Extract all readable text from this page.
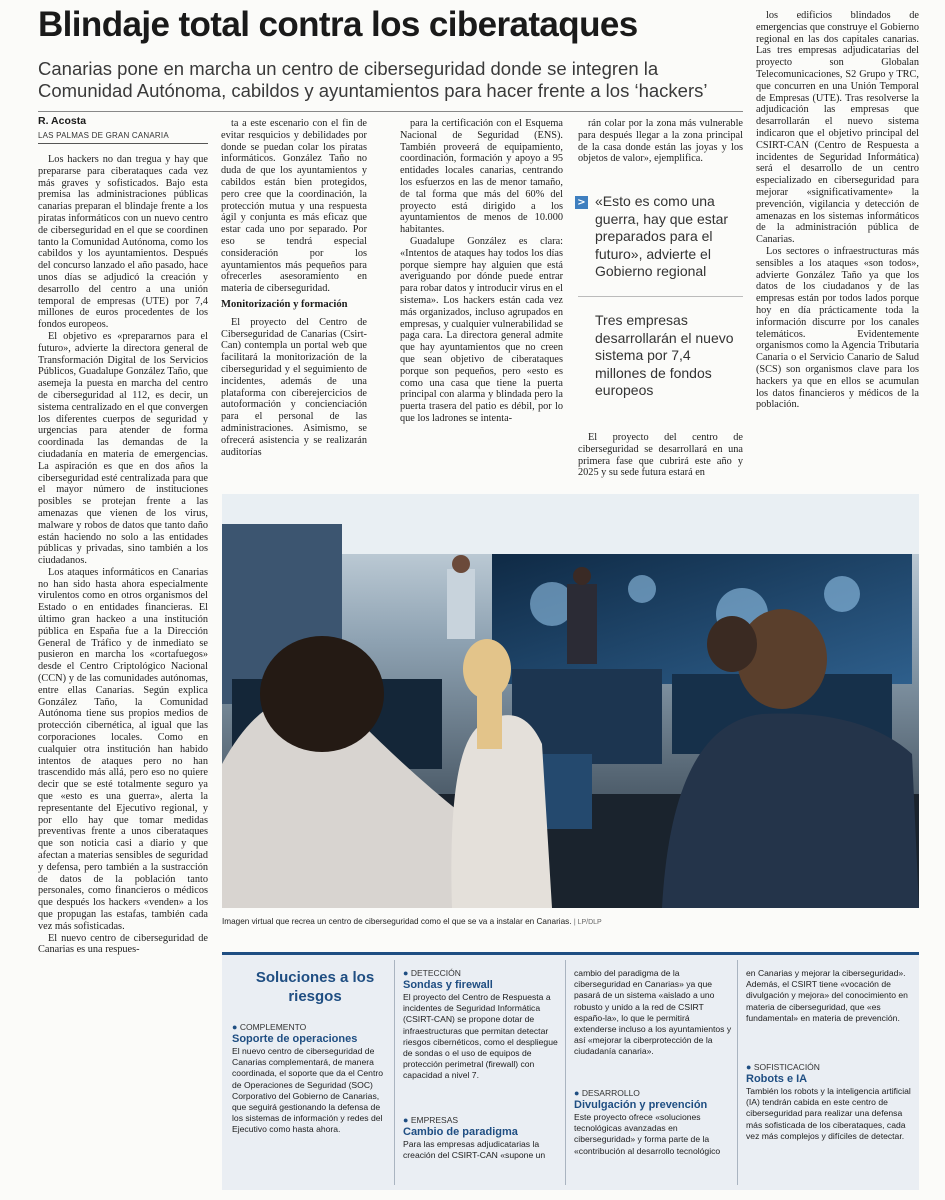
Blindaje total contra los ciberataques
Canarias pone en marcha un centro de ciberseguridad donde se integren la Comunidad Autónoma, cabildos y ayuntamientos para hacer frente a los ‘hackers’
R. Acosta
LAS PALMAS DE GRAN CANARIA

Los hackers no dan tregua y hay que prepararse para ciberataques cada vez más graves y sofisticados. Bajo esta premisa las administraciones públicas canarias preparan el blindaje frente a los piratas informáticos con un nuevo centro de ciberseguridad en el que se coordinen tanto la Comunidad Autónoma, como los cabildos y los ayuntamientos. Después del concurso lanzado el año pasado, hace unos días se adjudicó la creación y desarrollo del centro a una unión temporal de empresas (UTE) por 7,4 millones de euros procedentes de los fondos europeos.

El objetivo es «prepararnos para el futuro», advierte la directora general de Transformación Digital de los Servicios Públicos, Guadalupe González Taño, que asemeja la puesta en marcha del centro de ciberseguridad al 112, es decir, un sistema centralizado en el que convergen los diferentes cuerpos de seguridad y urgencias para atender de forma coordinada las demandas de la ciudadanía en materia de emergencias. La aspiración es que en dos años la ciberseguridad esté centralizada para que el mayor número de instituciones posibles se protejan frente a las amenazas que vienen de los virus, malware y robos de datos que tanto daño están haciendo no solo a las entidades públicas y privadas, sino también a los ciudadanos.

Los ataques informáticos en Canarias no han sido hasta ahora especialmente virulentos como en otros organismos del Estado o en entidades financieras. El último gran hackeo a una institución pública en España fue a la Dirección General de Tráfico y de inmediato se pusieron en marcha los «cortafuegos» desde el Centro Criptológico Nacional (CCN) y de las comunidades autónomas, entre ellas Canarias. Según explica González Taño, la Comunidad Autónoma tiene sus propios medios de protección cibernética, al igual que las corporaciones locales. Como en cualquier otra institución han habido intentos de ataques pero no han trascendido más allá, pero eso no quiere decir que se esté totalmente seguro ya que «esto es una guerra», alerta la representante del Ejecutivo regional, y por ello hay que tomar medidas preventivas frente a unos ciberataques que son noticia casi a diario y que afectan a materias sensibles de seguridad y defensa, pero también a la sustracción de datos de la población tanto personales, como financieros o médicos que después los hackers «venden» a los que propugan las estafas, también cada vez más sofisticadas.

El nuevo centro de ciberseguridad de Canarias es una respues-

ta a este escenario con el fin de evitar resquicios y debilidades por donde se puedan colar los piratas informáticos. González Taño no duda de que los ayuntamientos y cabildos están bien protegidos, pero cree que la coordinación, la protección mutua y una respuesta ágil y conjunta es más eficaz que estar cada uno por separado. Por eso se tendrá especial consideración por los ayuntamientos más pequeños para ofrecerles asesoramiento en materia de ciberseguridad.

Monitorización y formación

El proyecto del Centro de Ciberseguridad de Canarias (Csirt-Can) contempla un portal web que facilitará la monitorización de la ciberseguridad y el seguimiento de incidentes, además de una plataforma con ciberejercicios de autoformación y concienciación para el personal de las administraciones. Asimismo, se ofrecerá asistencia y se realizarán auditorías

para la certificación con el Esquema Nacional de Seguridad (ENS). También proveerá de equipamiento, coordinación, formación y apoyo a 95 entidades locales canarias, centrando los esfuerzos en las de menor tamaño, de tal forma que más del 60% del proyecto está dirigido a los ayuntamientos de menos de 10.000 habitantes.

Guadalupe González es clara: «Intentos de ataques hay todos los días porque siempre hay alguien que está averiguando por dónde puede entrar para robar datos y introducir virus en el sistema». Los hackers están cada vez más organizados, incluso agrupados en empresas, y cualquier vulnerabilidad se paga cara. La directora general admite que hay ayuntamientos que no creen que sean objetivo de ciberataques porque son pequeños, pero «esto es como una casa que tiene la puerta principal con alarma y blindada pero la puerta trasera del patio es débil, por lo que los ladrones se intenta-

rán colar por la zona más vulnerable para después llegar a la zona principal de la casa donde están las joyas y los objetos de valor», ejemplifica.

> «Esto es como una guerra, hay que estar preparados para el futuro», advierte el Gobierno regional
Tres empresas desarrollarán el nuevo sistema por 7,4 millones de fondos europeos

El proyecto del centro de ciberseguridad se desarrollará en una primera fase que cubrirá este año y 2025 y su sede futura estará en

los edificios blindados de emergencias que construye el Gobierno regional en las dos capitales canarias. Las tres empresas adjudicatarias del proyecto son Globalan Telecomunicaciones, S2 Grupo y TRC, que concurren en una Unión Temporal de Empresas (UTE). Tras resolverse la adjudicación las empresas que desarrollarán el nuevo sistema indicaron que el objetivo principal del CSIRT-CAN (Centro de Respuesta a incidentes de Seguridad Informática) será el desarrollo de un centro especializado en ciberseguridad para mejorar «significativamente» la prevención, vigilancia y detección de amenazas en los sistemas informáticos de la administración pública de Canarias.

Los sectores o infraestructuras más sensibles a los ataques «son todos», advierte González Taño ya que los datos de los ciudadanos y de las empresas están por todos lados porque hoy en día prácticamente toda la información discurre por los canales telemáticos. Evidentemente organismos como la Agencia Tributaria Canaria o el Servicio Canario de Salud (SCS) son organismos clave para los hackers ya que en ellos se acumulan los datos financieros y médicos de la población.

Imagen virtual que recrea un centro de ciberseguridad como el que se va a instalar en Canarias. | LP/DLP
Soluciones a los riesgos
● COMPLEMENTO
Soporte de operaciones
El nuevo centro de ciberseguridad de Canarias complementará, de manera coordinada, el soporte que da el Centro de Operaciones de Seguridad (SOC) Corporativo del Gobierno de Canarias, que seguirá gestionando la defensa de los sistemas de información y redes del Ejecutivo como hasta ahora.
● DETECCIÓN
Sondas y firewall
El proyecto del Centro de Respuesta a incidentes de Seguridad Informática (CSIRT-CAN) se propone dotar de infraestructuras que permitan detectar riesgos cibernéticos, como el despliegue de sondas o el uso de equipos de protección perimetral (firewall) con capacidad a nivel 7.
● EMPRESAS
Cambio de paradigma
Para las empresas adjudicatarias la creación del CSIRT-CAN «supone un
cambio del paradigma de la ciberseguridad en Canarias» ya que pasará de un sistema «aislado a uno robusto y unido a la red de CSIRT españo-la», lo que le permitirá extenderse incluso a los ayuntamientos y así «mejorar la ciberprotección de la ciudadanía canaria».
● DESARROLLO
Divulgación y prevención
Este proyecto ofrece «soluciones tecnológicas avanzadas en ciberseguridad» y forma parte de la «contribución al desarrollo tecnológico
en Canarias y mejorar la ciberseguridad». Además, el CSIRT tiene «vocación de divulgación y mejora» del conocimiento en materia de ciberseguridad, que «es fundamental» en materia de prevención.
● SOFISTICACIÓN
Robots e IA
También los robots y la inteligencia artificial (IA) tendrán cabida en este centro de ciberseguridad para realizar una defensa más sofisticada de los ciberataques, cada vez más complejos y difíciles de detectar.
